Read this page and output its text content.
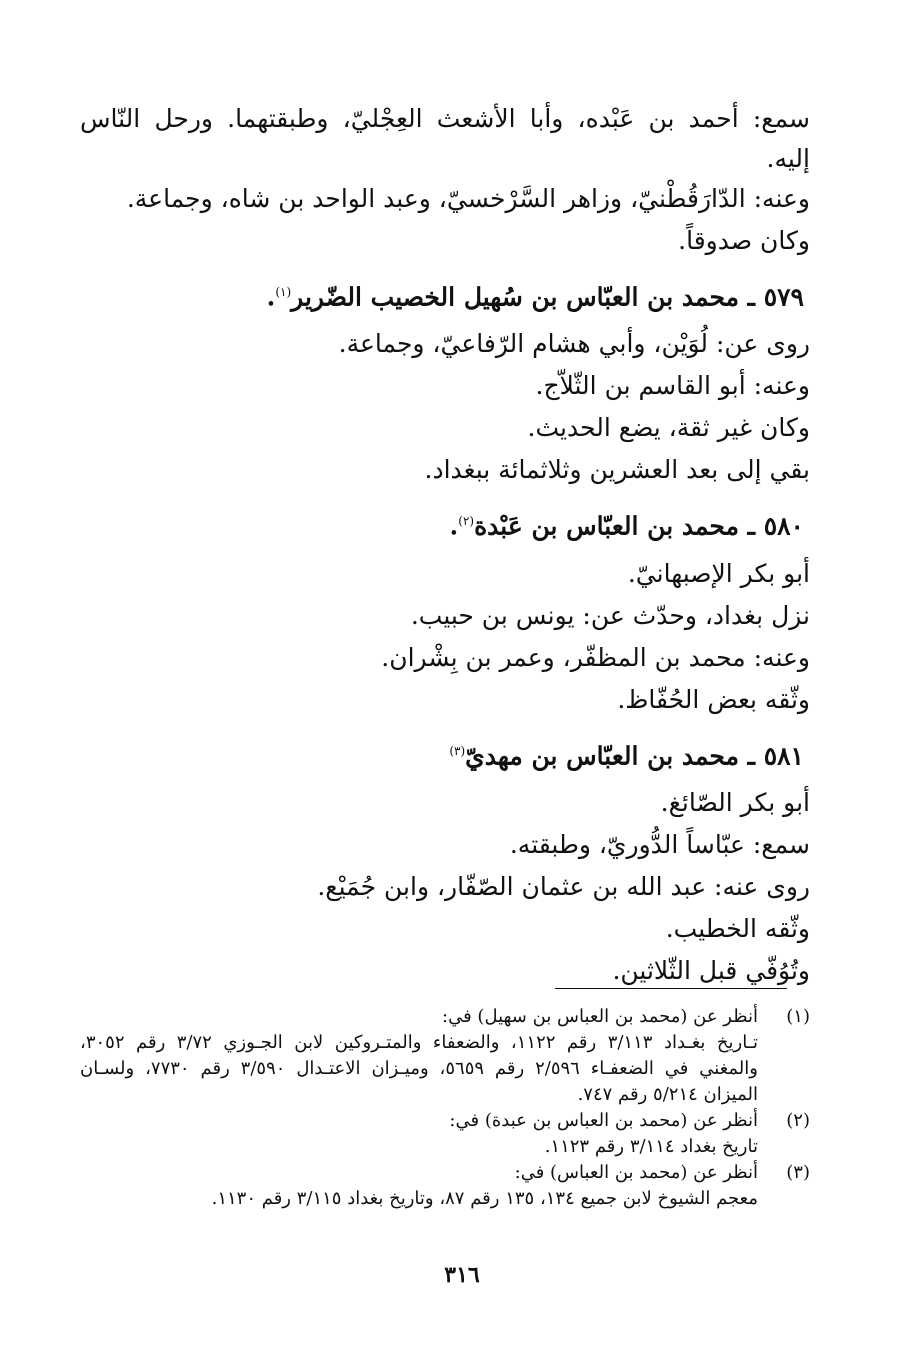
سمع: أحمد بن عَبْده، وأبا الأشعث العِجْليّ، وطبقتهما. ورحل النّاس
إليه.
وعنه: الدّارَقُطْنيّ، وزاهر السَّرْخسيّ، وعبد الواحد بن شاه، وجماعة.
وكان صدوقاً.
٥٧٩ ـ محمد بن العبّاس بن سُهيل الخصيب الضّرير$^{(١)}$.
روى عن: لُوَيْن، وأبي هشام الرّفاعيّ، وجماعة.
وعنه: أبو القاسم بن الثّلاّج.
وكان غير ثقة، يضع الحديث.
بقي إلى بعد العشرين وثلاثمائة ببغداد.
٥٨٠ ـ محمد بن العبّاس بن عَبْدة$^{(٢)}$.
أبو بكر الإصبهانيّ.
نزل بغداد، وحدّث عن: يونس بن حبيب.
وعنه: محمد بن المظفّر، وعمر بن بِشْران.
وثّقه بعض الحُفّاظ.
٥٨١ ـ محمد بن العبّاس بن مهديّ$^{(٣)}$
أبو بكر الصّائغ.
سمع: عبّاساً الدُّوريّ، وطبقته.
روى عنه: عبد الله بن عثمان الصّفّار، وابن جُمَيْع.
وثّقه الخطيب.
وتُوُفّي قبل الثّلاثين.
(١)
أنظر عن (محمد بن العباس بن سهيل) في:
تـاريخ بغـداد ٣/١١٣ رقم ١١٢٢، والضعفاء والمتـروكين لابن الجـوزي ٣/٧٢ رقم ٣٠٥٢،
والمغني في الضعفـاء ٢/٥٩٦ رقم ٥٦٥٩، وميـزان الاعتـدال ٣/٥٩٠ رقم ٧٧٣٠، ولسـان
الميزان ٥/٢١٤ رقم ٧٤٧.
(٢)
أنظر عن (محمد بن العباس بن عبدة) في:
تاريخ بغداد ٣/١١٤ رقم ١١٢٣.
(٣)
أنظر عن (محمد بن العباس) في:
معجم الشيوخ لابن جميع ١٣٤، ١٣٥ رقم ٨٧، وتاريخ بغداد ٣/١١٥ رقم ١١٣٠.
٣١٦
